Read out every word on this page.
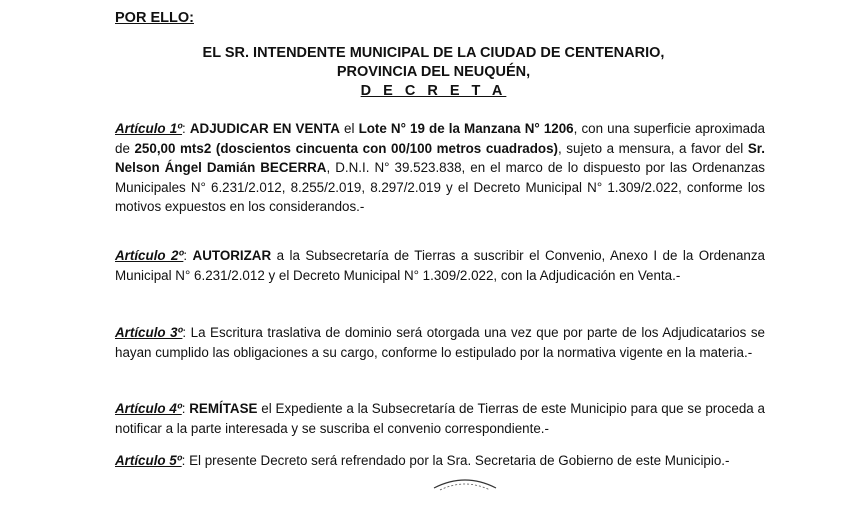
POR ELLO:
EL SR. INTENDENTE MUNICIPAL DE LA CIUDAD DE CENTENARIO,
PROVINCIA DEL NEUQUÉN,
D E C R E T A
Artículo 1º: ADJUDICAR EN VENTA el Lote N° 19 de la Manzana N° 1206, con una superficie aproximada de 250,00 mts2 (doscientos cincuenta con 00/100 metros cuadrados), sujeto a mensura, a favor del Sr. Nelson Ángel Damián BECERRA, D.N.I. N° 39.523.838, en el marco de lo dispuesto por las Ordenanzas Municipales N° 6.231/2.012, 8.255/2.019, 8.297/2.019 y el Decreto Municipal N° 1.309/2.022, conforme los motivos expuestos en los considerandos.-
Artículo 2º: AUTORIZAR a la Subsecretaría de Tierras a suscribir el Convenio, Anexo I de la Ordenanza Municipal N° 6.231/2.012 y el Decreto Municipal N° 1.309/2.022, con la Adjudicación en Venta.-
Artículo 3º: La Escritura traslativa de dominio será otorgada una vez que por parte de los Adjudicatarios se hayan cumplido las obligaciones a su cargo, conforme lo estipulado por la normativa vigente en la materia.-
Artículo 4º: REMÍTASE el Expediente a la Subsecretaría de Tierras de este Municipio para que se proceda a notificar a la parte interesada y se suscriba el convenio correspondiente.-
Artículo 5º: El presente Decreto será refrendado por la Sra. Secretaria de Gobierno de este Municipio.-
